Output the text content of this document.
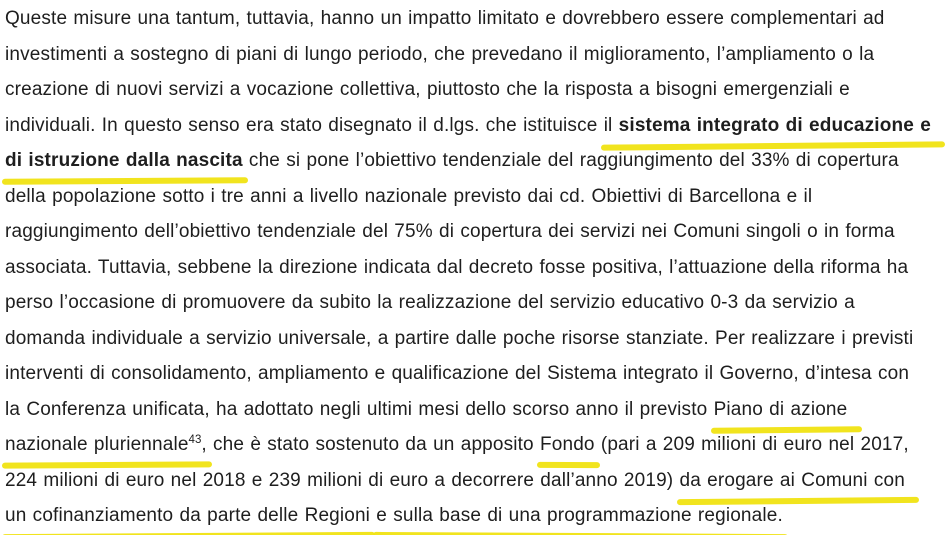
Queste misure una tantum, tuttavia, hanno un impatto limitato e dovrebbero essere complementari ad
investimenti a sostegno di piani di lungo periodo, che prevedano il miglioramento, l’ampliamento o la
creazione di nuovi servizi a vocazione collettiva, piuttosto che la risposta a bisogni emergenziali e
individuali. In questo senso era stato disegnato il d.lgs. che istituisce il sistema integrato di educazione e
di istruzione dalla nascita che si pone l’obiettivo tendenziale del raggiungimento del 33% di copertura
della popolazione sotto i tre anni a livello nazionale previsto dai cd. Obiettivi di Barcellona e il
raggiungimento dell’obiettivo tendenziale del 75% di copertura dei servizi nei Comuni singoli o in forma
associata. Tuttavia, sebbene la direzione indicata dal decreto fosse positiva, l’attuazione della riforma ha
perso l’occasione di promuovere da subito la realizzazione del servizio educativo 0-3 da servizio a
domanda individuale a servizio universale, a partire dalle poche risorse stanziate. Per realizzare i previsti
interventi di consolidamento, ampliamento e qualificazione del Sistema integrato il Governo, d’intesa con
la Conferenza unificata, ha adottato negli ultimi mesi dello scorso anno il previsto Piano di azione
nazionale pluriennale$^{43}$, che è stato sostenuto da un apposito Fondo (pari a 209 milioni di euro nel 2017,
224 milioni di euro nel 2018 e 239 milioni di euro a decorrere dall’anno 2019) da erogare ai Comuni con
un cofinanziamento da parte delle Regioni e sulla base di una programmazione regionale.
